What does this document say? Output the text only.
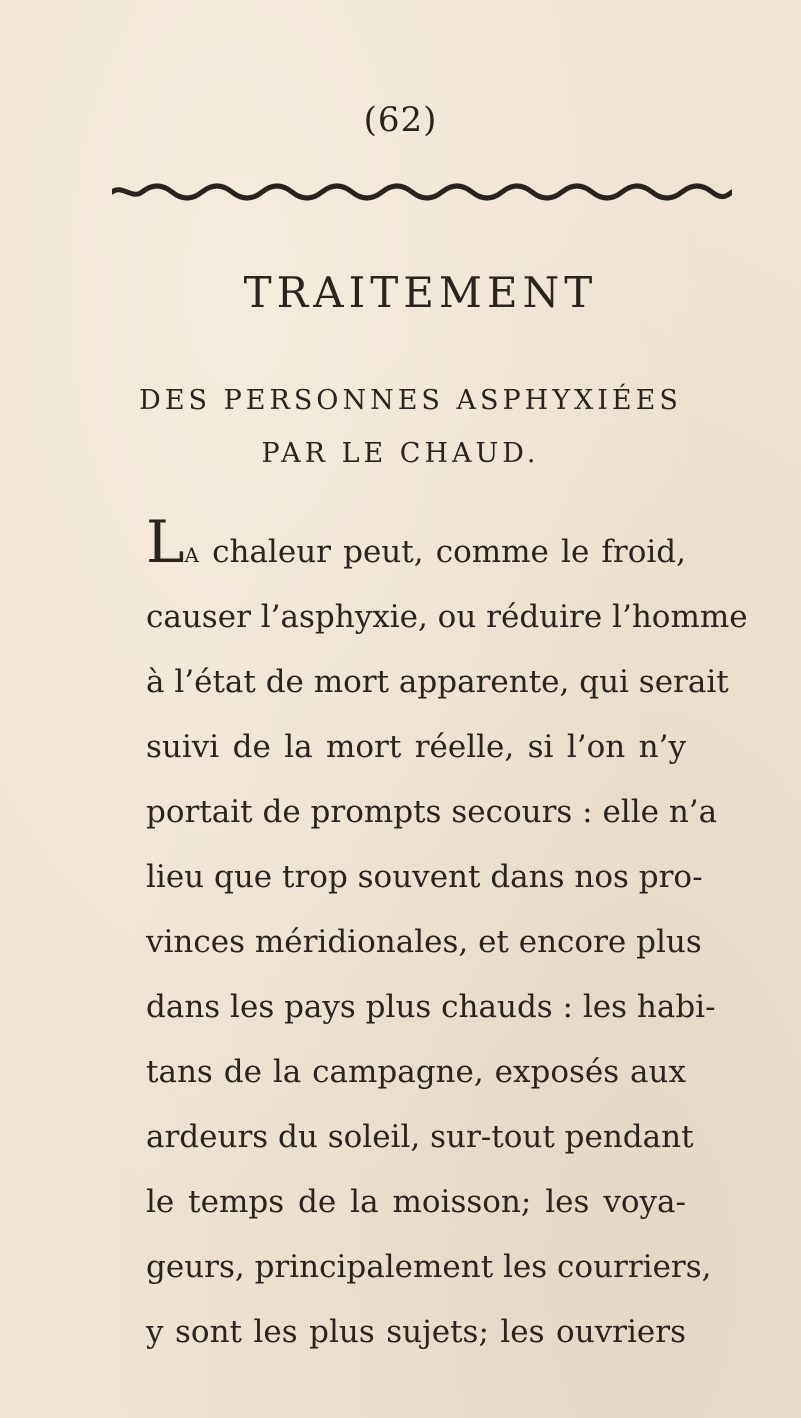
(62)
TRAITEMENT
DES PERSONNES ASPHYXIÉES
PAR LE CHAUD.
LA chaleur peut, comme le froid,
causer l’asphyxie, ou réduire l’homme
à l’état de mort apparente, qui serait
suivi de la mort réelle, si l’on n’y
portait de prompts secours : elle n’a
lieu que trop souvent dans nos pro-
vinces méridionales, et encore plus
dans les pays plus chauds : les habi-
tans de la campagne, exposés aux
ardeurs du soleil, sur-tout pendant
le temps de la moisson; les voya-
geurs, principalement les courriers,
y sont les plus sujets; les ouvriers
